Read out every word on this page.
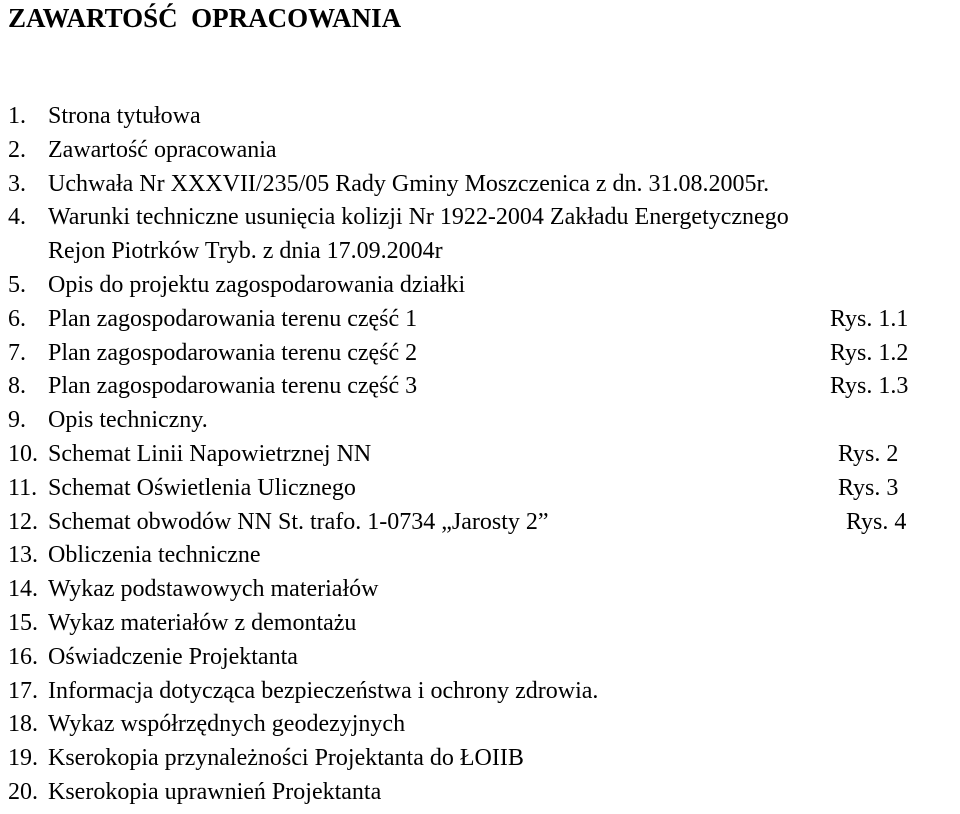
ZAWARTOŚĆ  OPRACOWANIA
1. Strona tytułowa
2. Zawartość opracowania
3. Uchwała Nr XXXVII/235/05 Rady Gminy Moszczenica z dn. 31.08.2005r.
4. Warunki techniczne usunięcia kolizji Nr 1922-2004 Zakładu Energetycznego
Rejon Piotrków Tryb. z dnia 17.09.2004r
5. Opis do projektu zagospodarowania działki
6. Plan zagospodarowania terenu część 1	Rys. 1.1
7. Plan zagospodarowania terenu część 2	Rys. 1.2
8. Plan zagospodarowania terenu część 3	Rys. 1.3
9. Opis techniczny.
10. Schemat Linii Napowietrznej NN	Rys. 2
11. Schemat Oświetlenia Ulicznego	Rys. 3
12. Schemat obwodów NN St. trafo. 1-0734 „Jarosty 2”	Rys. 4
13. Obliczenia techniczne
14. Wykaz podstawowych materiałów
15. Wykaz materiałów z demontażu
16. Oświadczenie Projektanta
17. Informacja dotycząca bezpieczeństwa i ochrony zdrowia.
18. Wykaz współrzędnych geodezyjnych
19. Kserokopia przynależności Projektanta do ŁOIIB
20. Kserokopia uprawnień Projektanta
